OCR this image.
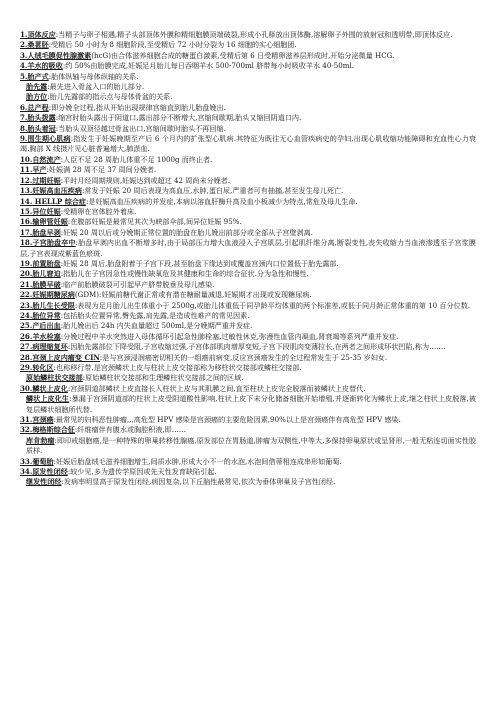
1.顶体反应:当精子与卵子相遇,精子头部顶体外膜和精细胞膜顶端破裂,形成小孔释放出顶体酶,溶解卵子外围的放射冠和透明带,即顶体反应.

2.桑葚胚:受精后 50 小时为 8 细胞阶段,至受精后 72 小时分裂为 16 细胞的实心细胞团.

3.人绒毛膜促性腺激素(hcG)由合体滋养细胞合成的糖蛋白激素,受精后第 6 日受精卵滋养层形成时,开始分泌微量 HCG.

4.羊水的吸收:约 50%由胎膜完成,妊娠足月胎儿每日吞咽羊水 500-700ml 脐带每小时吸收羊水 40-50ml.

5.胎产式:胎体纵轴与母体纵轴的关系.

胎先露:最先进入骨盆入口的胎儿部分.

胎方位:胎儿先露部的指示点与母体骨盆的关系.

6.总产程:即分娩全过程,指从开始出现规律宫缩直到胎儿胎盘娩出.

7.胎头拨露:缩宫时胎头露出于阴道口,露出部分不断增大,宫缩间歇期,胎头又缩回阴道口内.

8.胎头着冠:当胎头双顶径越过骨盆出口,宫缩间歇时胎头不再回缩.

9.围生期心肌病:指发生于妊娠晚期至产后 6 个月内的扩张型心肌病.其特征为既往无心血管疾病史的孕妇,出现心肌收缩功能障碍和充血性心力衰竭.胸部 X 线摄片见心脏普遍增大,肺淤血.

10.自然流产:人臣不足 28 周胎儿体重不足 1000g 而终止者.

11.早产:妊娠满 28 周不足 37 周间分娩者.

12.过期妊娠:平时月经周期规则,妊娠达到或超过 42 周尚未分娩者.

13.妊娠高血压疾病:常发于妊娠 20 周后表现为高血压,水肿,蛋白尿,严重者可有抽搐,甚至发生母儿死亡.

14. HELLP 综合症:是妊娠高血压疾病的并发症,本病以溶血肝酶升高及血小板减少为特点,常危及母儿生命.

15.异位妊娠:受精卵在宫体腔外着床.

16.输卵管妊娠:在腹部妊娠是最常见其次为峡部伞部,间异位妊娠 95%.

17.胎盘早剥:妊娠 20 周以后或分娩期正常位置的胎盘在胎儿娩出前部分或全部从子宫壁剥离.

18.子宫胎盘卒中:胎盘早剥内出血不断增多时,由于局部压力增大血液浸入子宫肌层,引起肌纤维分离,断裂变性,丧失收缩力当血液渗透至子宫浆膜层,子宫表现成紫蓝色瘀斑.

19.前置胎盘:妊娠 28 周后,胎盘附着于子宫下段,甚至胎盘下缘达到或覆盖宫颈内口位置低于胎先露部.

20.胎儿窘迫:指胎儿在子宫因急性或慢性缺氧危及其健康和生命的综合征状.分为急性和慢性.

21.胎膜早破:临产前胎膜破裂可引起早产脐带脱垂及母儿感染.

22.妊娠期糖尿病(GDM):妊娠前糖代谢正常或有潜在糖耐量减退,妊娠期才出现或发现糖尿病.

23.胎儿生长受限:表现为足月胎儿出生体重小于 2500g,或胎儿体重低于同孕龄平均体重的两个标准差,或低于同月龄正常体重的第 10 百分位数.

24.胎位异常:包括胎头位置异常,臀先露,肩先露,是造成性难产的常见因素.

25.产后出血:胎儿娩出后 24h 内失血量超过 500ml,是分娩期严重并发症.

26.羊水栓塞:分娩过程中羊水突然进入母体循环引起急性肺栓塞,过敏性休克,弥漫性血管内凝血,肾衰竭等系列严重并发症.

27.病理缩复环:因胎先露部位下降受阻,子宫收缩过强,子宫体部肌肉增厚变短,子宫下段肌肉变薄拉长,在两者之间形成环状凹陷,称为…….

28.宫颈上皮内瘤变 CIN:是与宫颈浸润癌密切相关的一组癌前病变,反应宫颈癌发生的全过程常发生于 25-35 岁妇女.

29.转化区:也称移行带,是宫颈鳞状上皮与柱状上皮交接部称为移柱状交接部或鳞柱交接部.

原始鳞柱状交接部:原始鳞柱状交接部和生理鳞柱状交接部之间的区域.

30.鳞状上皮化:宫颈阴道部鳞状上皮直接长入柱状上皮与其肌膜之间,直至柱状上皮完全脱落而被鳞状上皮替代.

鳞状上皮化生:暴漏于宫颈阴道部的柱状上皮受阴道酸性影响,柱状上皮下未分化储备细胞开始增殖,并逐渐转化为鳞状上皮,继之柱状上皮脱落,被复层鳞状细胞所代替.

31.宫颈癌:最常见的妇科恶性肿瘤,,,高危型 HPV 感染是宫颈癌的主要危险因素,90%以上是宫颈癌伴有高危型 HPV 感染.

32.梅格斯综合征:纤维瘤伴有腹水或胸腔积液,即……

库肯勃瘤:即印戒细胞癌,是一种特殊的卵巢转移性腺癌,原发部位在胃肠道,肿瘤为双侧性,中等大,多保持卵巢原状或呈肾形,一般无粘连切面实性胶质样.

33.葡萄胎:妊娠后胎盘绒毛滋养细胞增生,间质水肿,形成大小不一的水泡,水泡间借蒂相连成串形如葡萄.

34.原发性闭经:较少见,多为遗传学原因或先天性发育缺陷引起.

继发性闭经:发病率明显高于原发性闭经,病因复杂,以下丘脑性最常见,依次为垂体卵巢及子宫性闭经.
